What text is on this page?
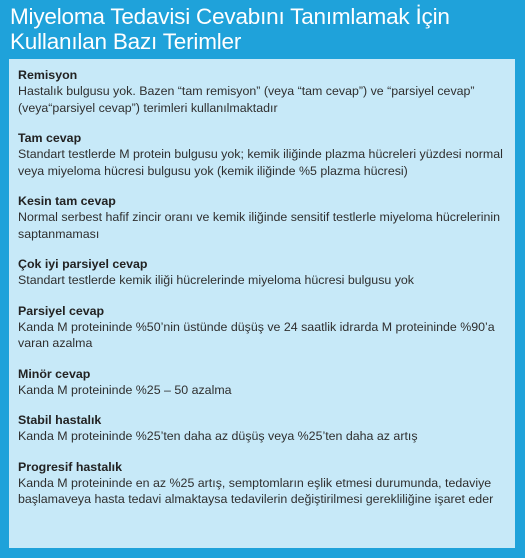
Miyeloma Tedavisi Cevabını Tanımlamak İçin
Kullanılan Bazı Terimler
Remisyon
Hastalık bulgusu yok. Bazen “tam remisyon” (veya “tam cevap”) ve “parsiyel cevap” (veya“parsiyel cevap”) terimleri kullanılmaktadır
Tam cevap
Standart testlerde M protein bulgusu yok; kemik iliğinde plazma hücreleri yüzdesi normal veya miyeloma hücresi bulgusu yok (kemik iliğinde %5 plazma hücresi)
Kesin tam cevap
Normal serbest hafif zincir oranı ve kemik iliğinde sensitif testlerle miyeloma hücrelerinin saptanmaması
Çok iyi parsiyel cevap
Standart testlerde kemik iliği hücrelerinde miyeloma hücresi bulgusu yok
Parsiyel cevap
Kanda M proteininde %50’nin üstünde düşüş ve 24 saatlik idrarda M proteininde %90’a varan azalma
Minör cevap
Kanda M proteininde %25 – 50 azalma
Stabil hastalık
Kanda M proteininde %25’ten daha az düşüş veya %25’ten daha az artış
Progresif hastalık
Kanda M proteininde en az %25 artış, semptomların eşlik etmesi durumunda, tedaviye başlamaveya hasta tedavi almaktaysa tedavilerin değiştirilmesi gerekliliğine işaret eder
